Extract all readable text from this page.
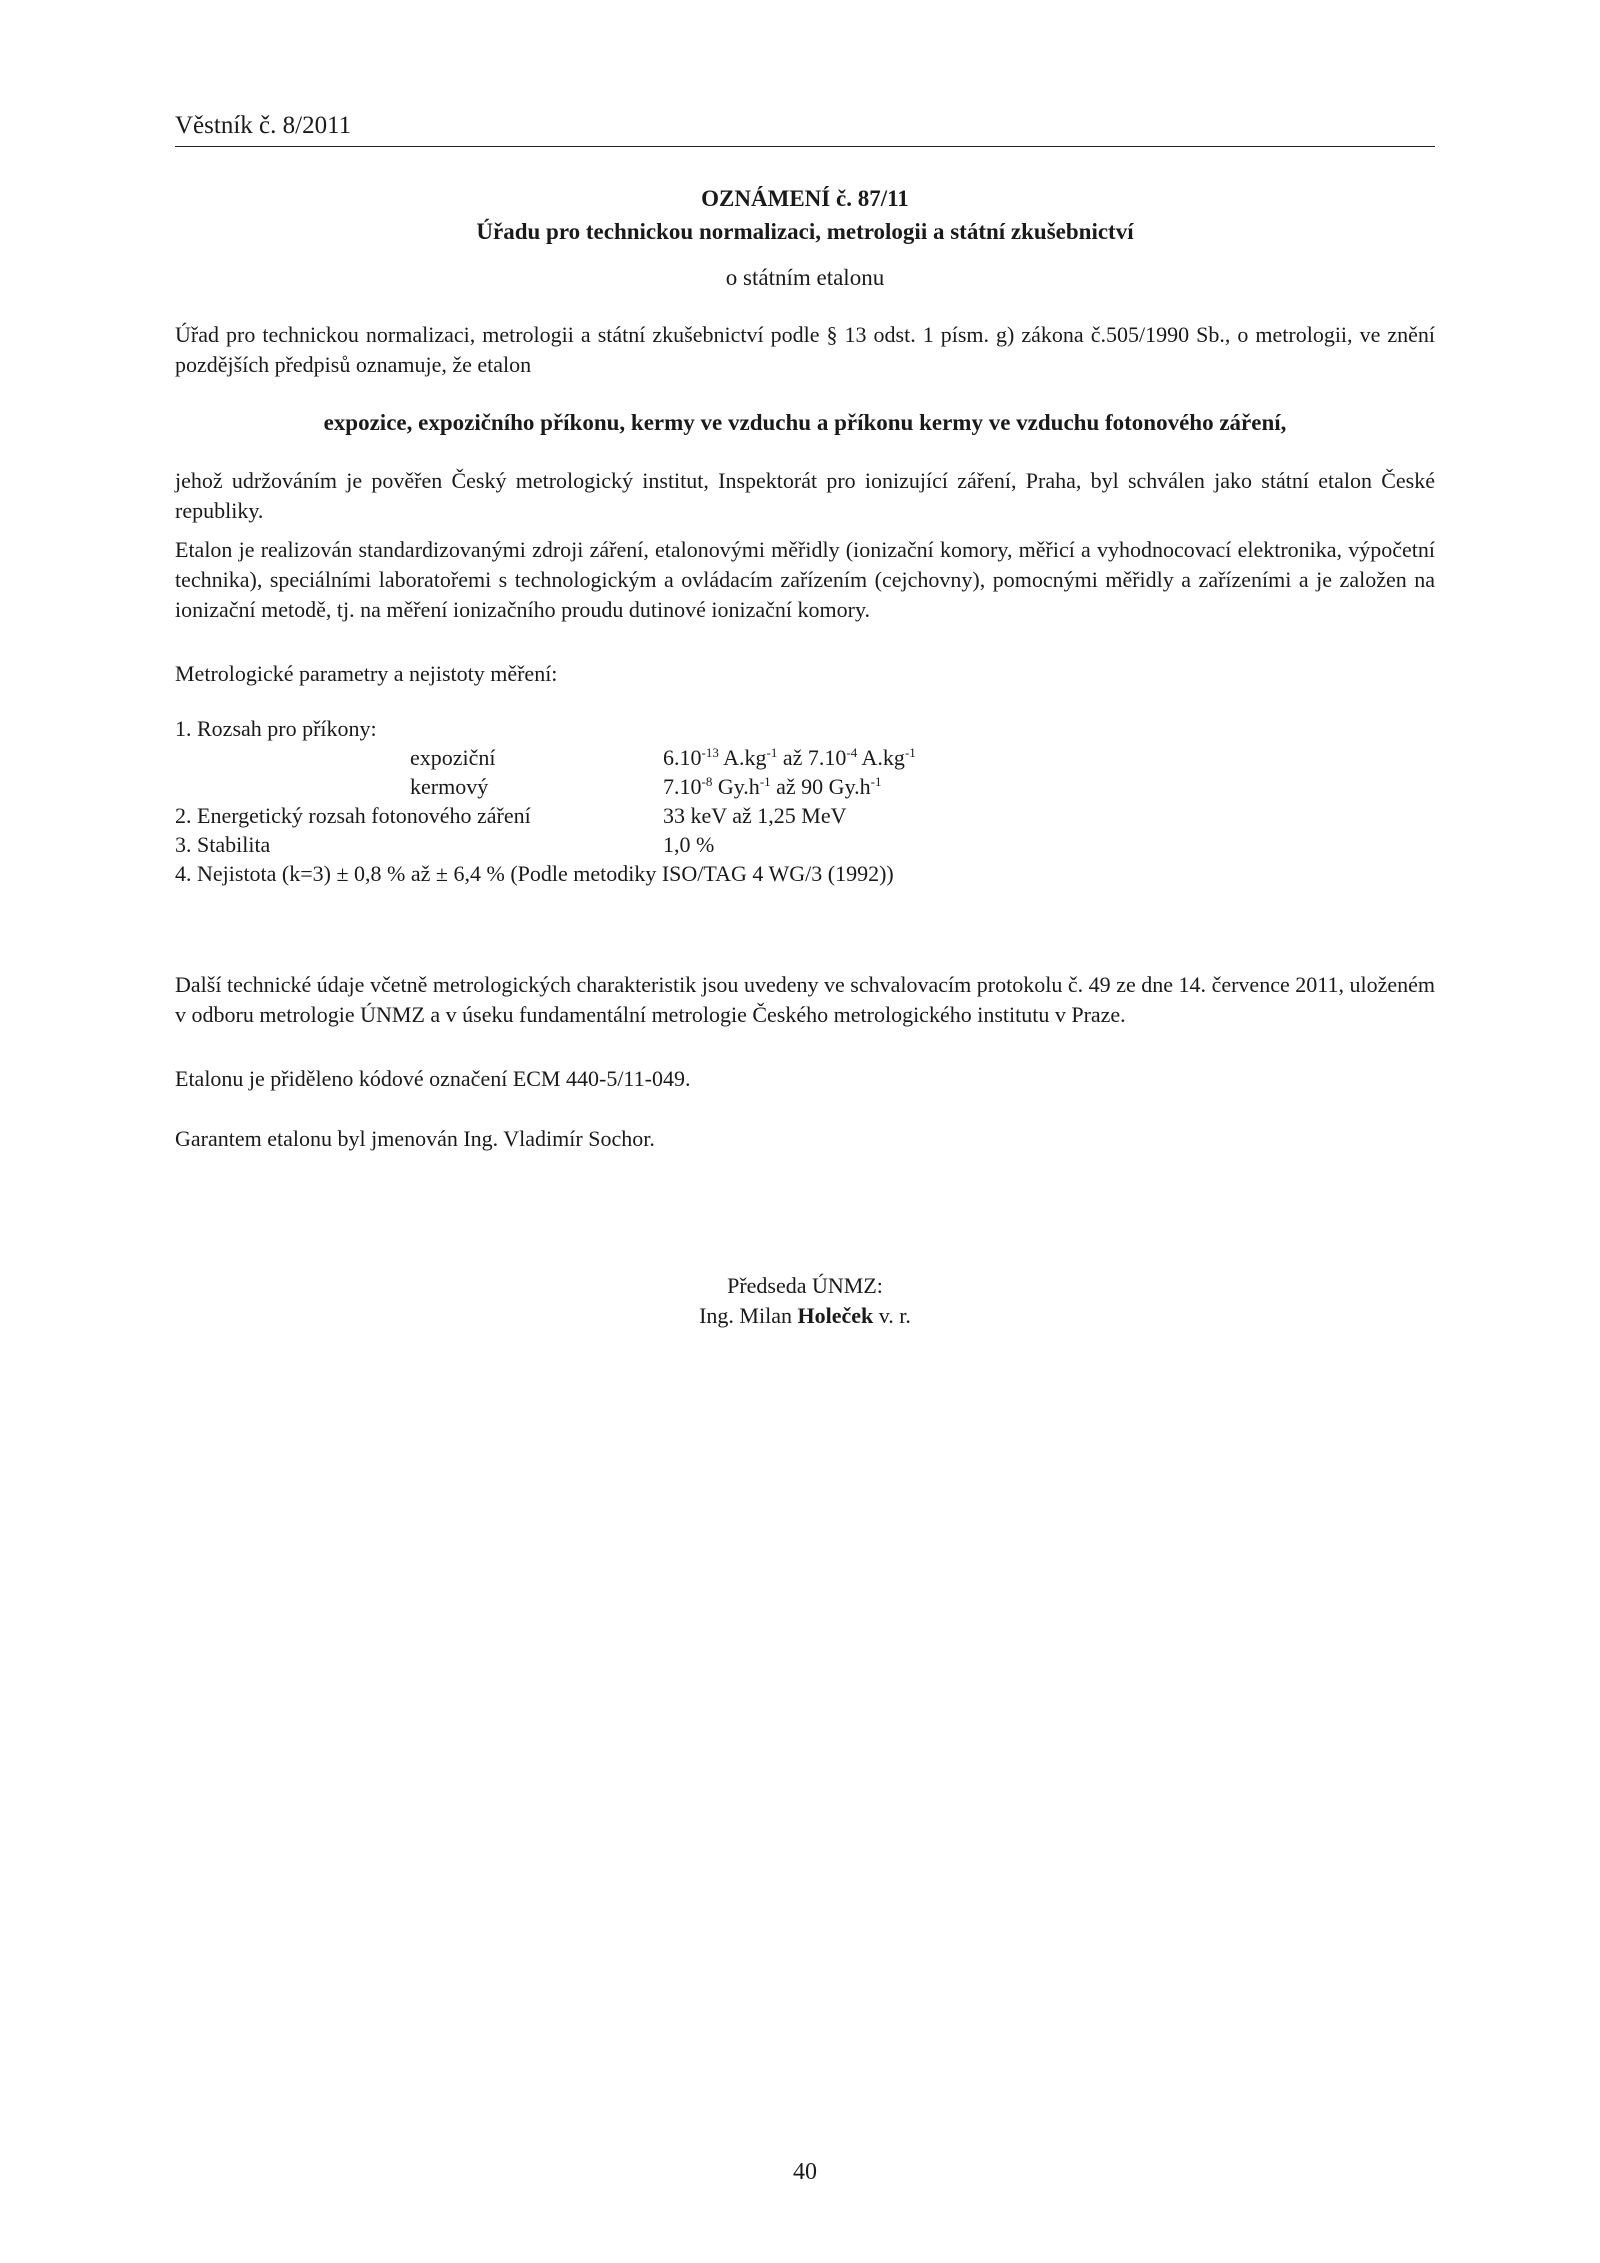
Věstník č. 8/2011
OZNÁMENÍ č. 87/11
Úřadu pro technickou normalizaci, metrologii a státní zkušebnictví
o státním etalonu

Úřad pro technickou normalizaci, metrologii a státní zkušebnictví podle § 13 odst. 1 písm. g) zákona č.505/1990 Sb., o metrologii, ve znění pozdějších předpisů oznamuje, že etalon

expozice, expozičního příkonu, kermy ve vzduchu a příkonu kermy ve vzduchu fotonového záření,

jehož udržováním je pověřen Český metrologický institut, Inspektorát pro ionizující záření, Praha, byl schválen jako státní etalon České republiky.

Etalon je realizován standardizovanými zdroji záření, etalonovými měřidly (ionizační komory, měřicí a vyhodnocovací elektronika, výpočetní technika), speciálními laboratořemi s technologickým a ovládacím zařízením (cejchovny), pomocnými měřidly a zařízeními a je založen na ionizační metodě, tj. na měření ionizačního proudu dutinové ionizační komory.

Metrologické parametry a nejistoty měření:
1. Rozsah pro příkony:
expoziční	$6.10^{-13}$ $A.kg^{-1}$ až $7.10^{-4}$ $A.kg^{-1}$
kermový	$7.10^{-8}$ $Gy.h^{-1}$ až 90 $Gy.h^{-1}$
2. Energetický rozsah fotonového záření	33 keV až 1,25 MeV
3. Stabilita	1,0 %
4. Nejistota (k=3) ± 0,8 % až ± 6,4 % (Podle metodiky ISO/TAG 4 WG/3 (1992))

Další technické údaje včetně metrologických charakteristik jsou uvedeny ve schvalovacím protokolu č. 49 ze dne 14. července 2011, uloženém v odboru metrologie ÚNMZ a v úseku fundamentální metrologie Českého metrologického institutu v Praze.

Etalonu je přiděleno kódové označení ECM 440-5/11-049.
Garantem etalonu byl jmenován Ing. Vladimír Sochor.
Předseda ÚNMZ:
Ing. Milan Holeček v. r.
40
